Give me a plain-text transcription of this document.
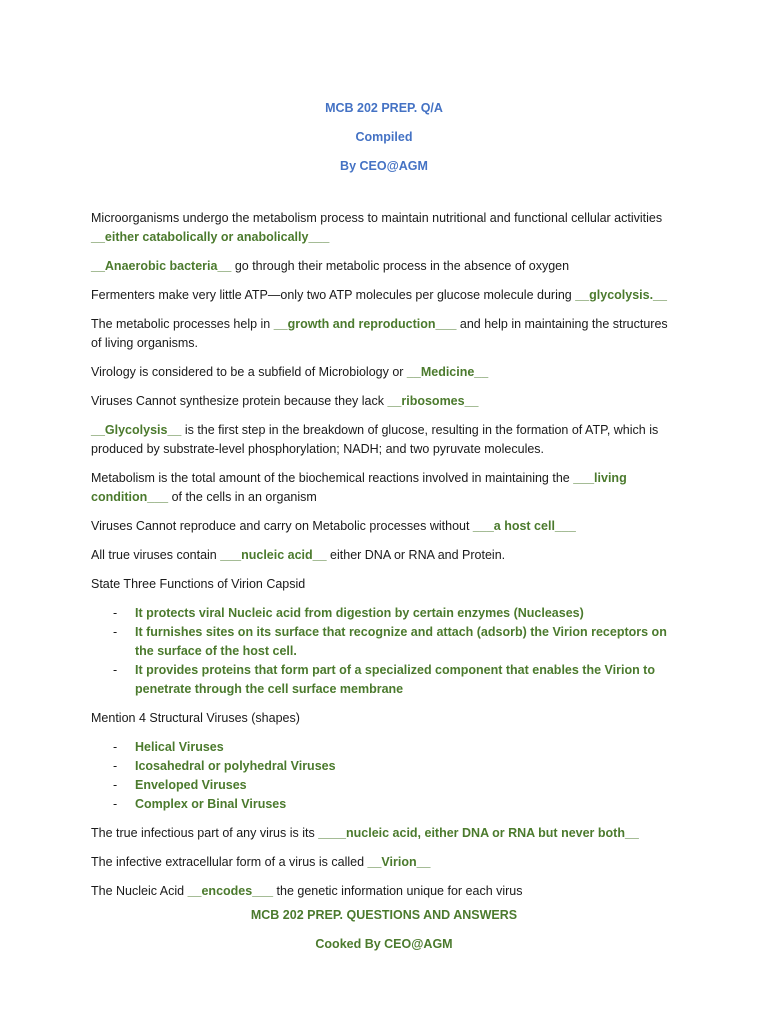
MCB 202 PREP. Q/A
Compiled
By CEO@AGM

Microorganisms undergo the metabolism process to maintain nutritional and functional cellular activities __either catabolically or anabolically___

__Anaerobic bacteria__ go through their metabolic process in the absence of oxygen

Fermenters make very little ATP—only two ATP molecules per glucose molecule during __glycolysis.__

The metabolic processes help in __growth and reproduction___ and help in maintaining the structures of living organisms.

Virology is considered to be a subfield of Microbiology or __Medicine__

Viruses Cannot synthesize protein because they lack __ribosomes__

__Glycolysis__ is the first step in the breakdown of glucose, resulting in the formation of ATP, which is produced by substrate-level phosphorylation; NADH; and two pyruvate molecules.

Metabolism is the total amount of the biochemical reactions involved in maintaining the ___living condition___ of the cells in an organism

Viruses Cannot reproduce and carry on Metabolic processes without ___a host cell___

All true viruses contain ___nucleic acid__ either DNA or RNA and Protein.

State Three Functions of Virion Capsid

- It protects viral Nucleic acid from digestion by certain enzymes (Nucleases)
- It furnishes sites on its surface that recognize and attach (adsorb) the Virion receptors on the surface of the host cell.
- It provides proteins that form part of a specialized component that enables the Virion to penetrate through the cell surface membrane

Mention 4 Structural Viruses (shapes)

- Helical Viruses
- Icosahedral or polyhedral Viruses
- Enveloped Viruses
- Complex or Binal Viruses

The true infectious part of any virus is its ____nucleic acid, either DNA or RNA but never both__

The infective extracellular form of a virus is called __Virion__

The Nucleic Acid __encodes___ the genetic information unique for each virus

MCB 202 PREP. QUESTIONS AND ANSWERS
Cooked By CEO@AGM
